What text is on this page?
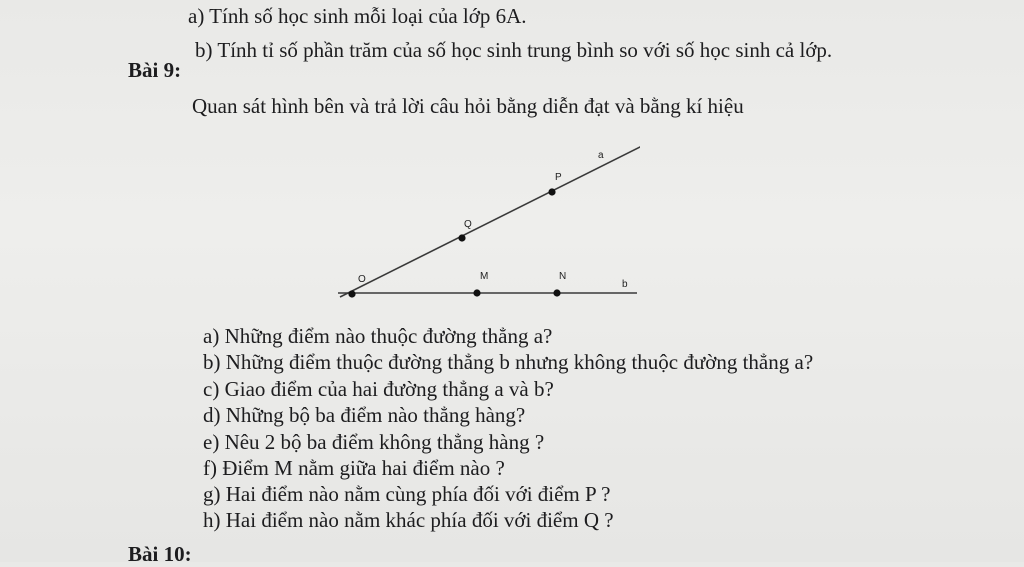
a) Tính số học sinh mỗi loại của lớp 6A.
b) Tính tỉ số phần trăm của số học sinh trung bình so với số học sinh cả lớp.
Bài 9:
Quan sát hình bên và trả lời câu hỏi bằng diễn đạt và bằng kí hiệu
a
b
O	M	N
Q
P
a) Những điểm nào thuộc đường thẳng a?
b) Những điểm thuộc đường thẳng b nhưng không thuộc đường thẳng a?
c) Giao điểm của hai đường thẳng a và b?
d) Những bộ ba điểm nào thẳng hàng?
e) Nêu 2 bộ ba điểm không thẳng hàng ?
f) Điểm M nằm giữa hai điểm nào ?
g) Hai điểm nào nằm cùng phía đối với điểm P ?
h) Hai điểm nào nằm khác phía đối với điểm Q ?
Bài 10:
